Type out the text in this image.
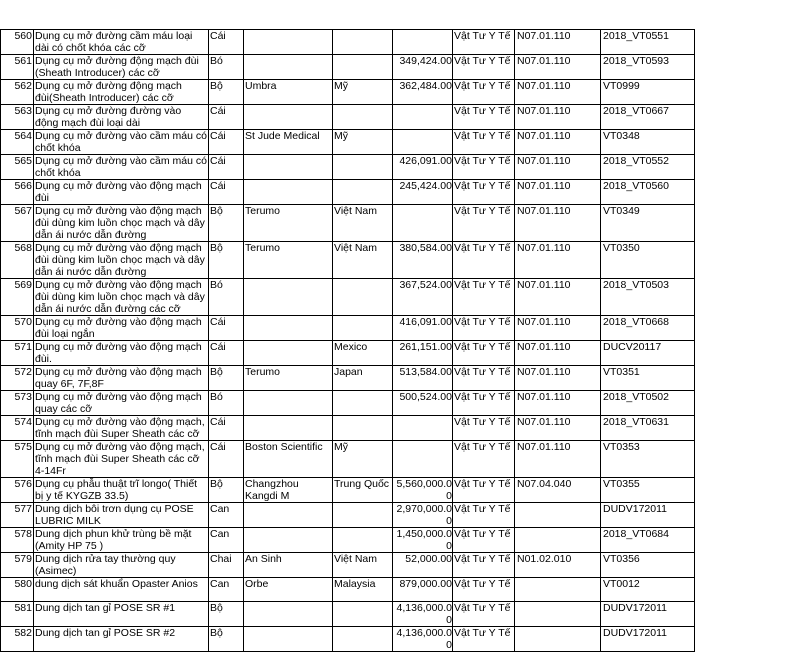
560	Dụng cụ mở đường cầm máu loại dài có chốt khóa các cỡ	Cái				Vật Tư Y Tế	N07.01.110	2018_VT0551
561	Dụng cụ mở đường động mạch đùi (Sheath Introducer) các cỡ	Bó			349,424.00	Vật Tư Y Tế	N07.01.110	2018_VT0593
562	Dụng cụ mở đường động mạch đùi(Sheath Introducer) các cỡ	Bộ	Umbra	Mỹ	362,484.00	Vật Tư Y Tế	N07.01.110	VT0999
563	Dụng cụ mở đường đường vào động mạch đùi loại dài	Cái				Vật Tư Y Tế	N07.01.110	2018_VT0667
564	Dụng cụ mở đường vào cầm máu có chốt khóa	Cái	St Jude Medical	Mỹ		Vật Tư Y Tế	N07.01.110	VT0348
565	Dụng cụ mở đường vào cầm máu có chốt khóa	Cái			426,091.00	Vật Tư Y Tế	N07.01.110	2018_VT0552
566	Dụng cụ mở đường vào động mạch đùi	Cái			245,424.00	Vật Tư Y Tế	N07.01.110	2018_VT0560
567	Dụng cụ mở đường vào động mạch đùi dùng kim luồn chọc mạch và dây dẫn ái nước dẫn đường	Bộ	Terumo	Việt Nam		Vật Tư Y Tế	N07.01.110	VT0349
568	Dụng cụ mở đường vào động mạch đùi dùng kim luồn chọc mạch và dây dẫn ái nước dẫn đường	Bộ	Terumo	Việt Nam	380,584.00	Vật Tư Y Tế	N07.01.110	VT0350
569	Dụng cụ mở đường vào động mạch đùi dùng kim luồn chọc mạch và dây dẫn ái nước dẫn đường các cỡ	Bó			367,524.00	Vật Tư Y Tế	N07.01.110	2018_VT0503
570	Dụng cụ mở đường vào động mạch đùi loại ngắn	Cái			416,091.00	Vật Tư Y Tế	N07.01.110	2018_VT0668
571	Dụng cụ mở đường vào động mạch đùi.	Cái		Mexico	261,151.00	Vật Tư Y Tế	N07.01.110	DUCV20117
572	Dụng cụ mở đường vào động mạch quay 6F, 7F,8F	Bộ	Terumo	Japan	513,584.00	Vật Tư Y Tế	N07.01.110	VT0351
573	Dụng cụ mở đường vào động mạch quay các cỡ	Bó			500,524.00	Vật Tư Y Tế	N07.01.110	2018_VT0502
574	Dụng cụ mở đường vào động mạch, tĩnh mạch đùi Super Sheath các cỡ	Cái				Vật Tư Y Tế	N07.01.110	2018_VT0631
575	Dụng cụ mở đường vào động mạch, tĩnh mạch đùi Super Sheath các cỡ 4-14Fr	Cái	Boston Scientific	Mỹ		Vật Tư Y Tế	N07.01.110	VT0353
576	Dụng cụ phẫu thuật trĩ longo( Thiết bị y tế KYGZB 33.5)	Bộ	Changzhou Kangdi M	Trung Quốc	5,560,000.00	Vật Tư Y Tế	N07.04.040	VT0355
577	Dung dịch bôi trơn dụng cụ POSE LUBRIC MILK	Can			2,970,000.00	Vật Tư Y Tế		DUDV172011
578	Dung dịch phun khử trùng bề mặt (Amity HP 75 )	Can			1,450,000.00	Vật Tư Y Tế		2018_VT0684
579	Dung dịch rửa tay thường quy (Asimec)	Chai	An Sinh	Việt Nam	52,000.00	Vật Tư Y Tế	N01.02.010	VT0356
580	dung dịch sát khuẩn Opaster Anios	Can	Orbe	Malaysia	879,000.00	Vật Tư Y Tế		VT0012
581	Dung dịch tan gỉ POSE SR #1	Bộ			4,136,000.00	Vật Tư Y Tế		DUDV172011
582	Dung dịch tan gỉ POSE SR #2	Bộ			4,136,000.00	Vật Tư Y Tế		DUDV172011
